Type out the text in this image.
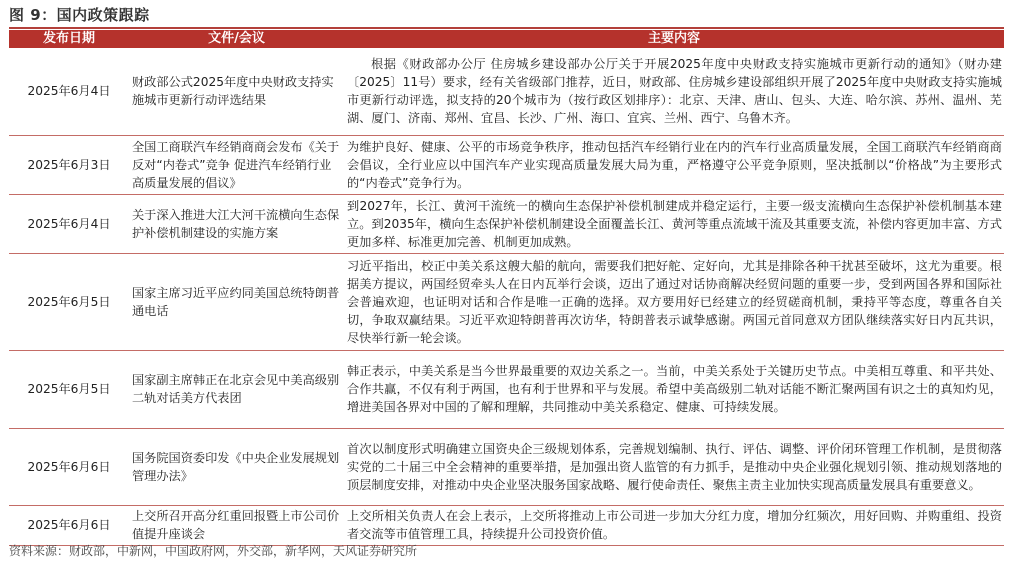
图 9：国内政策跟踪
发布日期	文件/会议	主要内容
2025年6月4日	财政部公式2025年度中央财政支持实施城市更新行动评选结果	根据《财政部办公厅 住房城乡建设部办公厅关于开展2025年度中央财政支持实施城市更新行动的通知》（财办建〔2025〕11号）要求，经有关省级部门推荐，近日，财政部、住房城乡建设部组织开展了2025年度中央财政支持实施城市更新行动评选，拟支持的20个城市为（按行政区划排序）：北京、天津、唐山、包头、大连、哈尔滨、苏州、温州、芜湖、厦门、济南、郑州、宜昌、长沙、广州、海口、宜宾、兰州、西宁、乌鲁木齐。
2025年6月3日	全国工商联汽车经销商商会发布《关于反对“内卷式”竞争 促进汽车经销行业高质量发展的倡议》	为维护良好、健康、公平的市场竞争秩序，推动包括汽车经销行业在内的汽车行业高质量发展，全国工商联汽车经销商商会倡议，全行业应以中国汽车产业实现高质量发展大局为重，严格遵守公平竞争原则，坚决抵制以“价格战”为主要形式的“内卷式”竞争行为。
2025年6月4日	关于深入推进大江大河干流横向生态保护补偿机制建设的实施方案	到2027年，长江、黄河干流统一的横向生态保护补偿机制建成并稳定运行，主要一级支流横向生态保护补偿机制基本建立。到2035年，横向生态保护补偿机制建设全面覆盖长江、黄河等重点流域干流及其重要支流，补偿内容更加丰富、方式更加多样、标准更加完善、机制更加成熟。
2025年6月5日	国家主席习近平应约同美国总统特朗普通电话	习近平指出，校正中美关系这艘大船的航向，需要我们把好舵、定好向，尤其是排除各种干扰甚至破坏，这尤为重要。根据美方提议，两国经贸牵头人在日内瓦举行会谈，迈出了通过对话协商解决经贸问题的重要一步，受到两国各界和国际社会普遍欢迎，也证明对话和合作是唯一正确的选择。双方要用好已经建立的经贸磋商机制，秉持平等态度，尊重各自关切，争取双赢结果。习近平欢迎特朗普再次访华，特朗普表示诚挚感谢。两国元首同意双方团队继续落实好日内瓦共识，尽快举行新一轮会谈。
2025年6月5日	国家副主席韩正在北京会见中美高级别二轨对话美方代表团	韩正表示，中美关系是当今世界最重要的双边关系之一。当前，中美关系处于关键历史节点。中美相互尊重、和平共处、合作共赢，不仅有利于两国，也有利于世界和平与发展。希望中美高级别二轨对话能不断汇聚两国有识之士的真知灼见，增进美国各界对中国的了解和理解，共同推动中美关系稳定、健康、可持续发展。
2025年6月6日	国务院国资委印发《中央企业发展规划管理办法》	首次以制度形式明确建立国资央企三级规划体系，完善规划编制、执行、评估、调整、评价闭环管理工作机制，是贯彻落实党的二十届三中全会精神的重要举措，是加强出资人监管的有力抓手，是推动中央企业强化规划引领、推动规划落地的顶层制度安排，对推动中央企业坚决服务国家战略、履行使命责任、聚焦主责主业加快实现高质量发展具有重要意义。
2025年6月6日	上交所召开高分红重回报暨上市公司价值提升座谈会	上交所相关负责人在会上表示，上交所将推动上市公司进一步加大分红力度，增加分红频次，用好回购、并购重组、投资者交流等市值管理工具，持续提升公司投资价值。
资料来源：财政部，中新网，中国政府网，外交部，新华网，天风证券研究所
